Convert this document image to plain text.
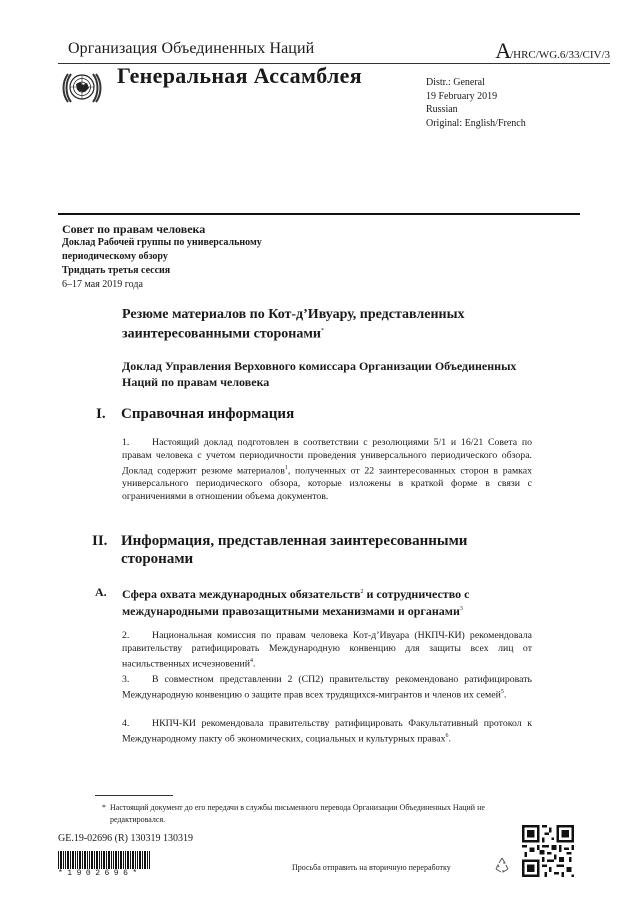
Организация Объединенных Наций	A/HRC/WG.6/33/CIV/3
Генеральная Ассамблея	Distr.: General
19 February 2019
Russian
Original: English/French
Совет по правам человека
Доклад Рабочей группы по универсальному
периодическому обзору
Тридцать третья сессия
6–17 мая 2019 года
Резюме материалов по Кот-д’Ивуару, представленных заинтересованными сторонами*
Доклад Управления Верховного комиссара Организации Объединенных Наций по правам человека
I. Справочная информация
1. Настоящий доклад подготовлен в соответствии с резолюциями 5/1 и 16/21 Совета по правам человека с учетом периодичности проведения универсального периодического обзора. Доклад содержит резюме материалов$^1$, полученных от 22 заинтересованных сторон в рамках универсального периодического обзора, которые изложены в краткой форме в связи с ограничениями в отношении объема документов.
II. Информация, представленная заинтересованными сторонами
A. Сфера охвата международных обязательств$^2$ и сотрудничество с международными правозащитными механизмами и органами$^3$
2. Национальная комиссия по правам человека Кот-д’Ивуара (НКПЧ-КИ) рекомендовала правительству ратифицировать Международную конвенцию для защиты всех лиц от насильственных исчезновений$^4$.
3. В совместном представлении 2 (СП2) правительству рекомендовано ратифицировать Международную конвенцию о защите прав всех трудящихся-мигрантов и членов их семей$^5$.
4. НКПЧ-КИ рекомендовала правительству ратифицировать Факультативный протокол к Международному пакту об экономических, социальных и культурных правах$^6$.
* Настоящий документ до его передачи в службы письменного перевода Организации Объединенных Наций не редактировался.
GE.19-02696 (R) 130319 130319
*1902696*
Просьба отправить на вторичную переработку
